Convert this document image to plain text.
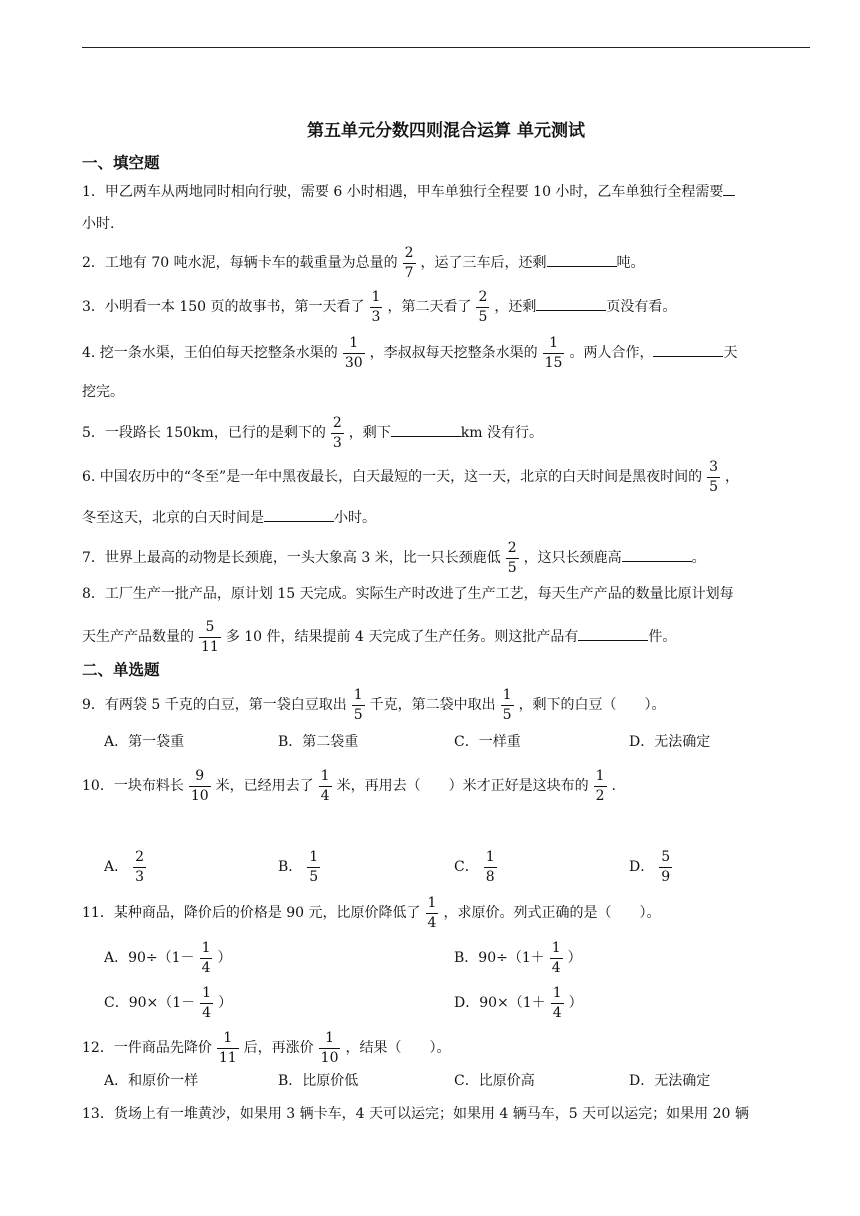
第五单元分数四则混合运算 单元测试
一、填空题
1．甲乙两车从两地同时相向行驶，需要 6 小时相遇，甲车单独行全程要 10 小时，乙车单独行全程需要
小时.
2．工地有 70 吨水泥，每辆卡车的载重量为总量的 $\frac{2}{7}$ ，运了三车后，还剩	吨。
3．小明看一本 150 页的故事书，第一天看了 $\frac{1}{3}$ ，第二天看了 $\frac{2}{5}$ ，还剩	页没有看。
4. 挖一条水渠，王伯伯每天挖整条水渠的 $\frac{1}{30}$ ，李叔叔每天挖整条水渠的 $\frac{1}{15}$ 。两人合作，	天
挖完。
5．一段路长 150km，已行的是剩下的 $\frac{2}{3}$ ，剩下	km 没有行。
6. 中国农历中的“冬至”是一年中黑夜最长，白天最短的一天，这一天，北京的白天时间是黑夜时间的 $\frac{3}{5}$ ，
冬至这天，北京的白天时间是	小时。
7．世界上最高的动物是长颈鹿，一头大象高 3 米，比一只长颈鹿低 $\frac{2}{5}$ ，这只长颈鹿高	。
8．工厂生产一批产品，原计划 15 天完成。实际生产时改进了生产工艺，每天生产产品的数量比原计划每
天生产产品数量的 $\frac{5}{11}$ 多 10 件，结果提前 4 天完成了生产任务。则这批产品有	件。
二、单选题
9．有两袋 5 千克的白豆，第一袋白豆取出 $\frac{1}{5}$ 千克，第二袋中取出 $\frac{1}{5}$ ，剩下的白豆（　　）。
A．第一袋重	B．第二袋重	C．一样重	D．无法确定
10．一块布料长 $\frac{9}{10}$ 米，已经用去了 $\frac{1}{4}$ 米，再用去（　　）米才正好是这块布的 $\frac{1}{2}$ .
A． $\frac{2}{3}$	B． $\frac{1}{5}$	C． $\frac{1}{8}$	D． $\frac{5}{9}$
11．某种商品，降价后的价格是 90 元，比原价降低了 $\frac{1}{4}$ ，求原价。列式正确的是（　　）。
A．$90\div(1- \frac{1}{4}$ ）	B．$90\div(1+ \frac{1}{4}$ ）
C．$90\times(1- \frac{1}{4}$ ）	D．$90\times(1+ \frac{1}{4}$ ）
12．一件商品先降价 $\frac{1}{11}$ 后，再涨价 $\frac{1}{10}$ ，结果（　　）。
A．和原价一样	B．比原价低	C．比原价高	D．无法确定
13．货场上有一堆黄沙，如果用 3 辆卡车，4 天可以运完；如果用 4 辆马车，5 天可以运完；如果用 20 辆
